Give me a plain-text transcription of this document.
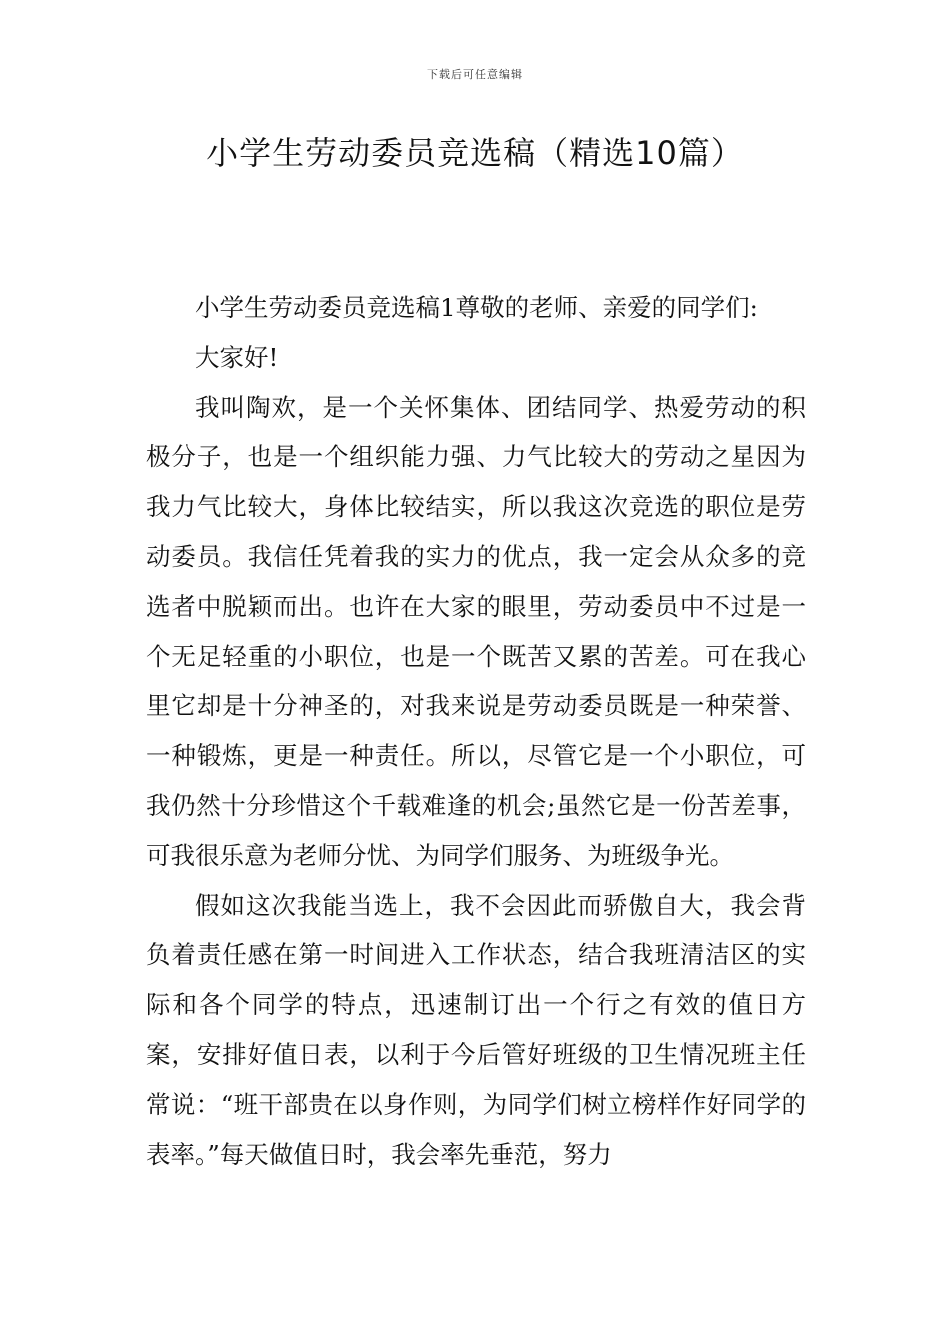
下载后可任意编辑
小学生劳动委员竞选稿（精选10篇）

小学生劳动委员竞选稿1尊敬的老师、亲爱的同学们:

大家好!

我叫陶欢，是一个关怀集体、团结同学、热爱劳动的积极分子，也是一个组织能力强、力气比较大的劳动之星因为我力气比较大，身体比较结实，所以我这次竞选的职位是劳动委员。我信任凭着我的实力的优点，我一定会从众多的竞选者中脱颖而出。也许在大家的眼里，劳动委员中不过是一个无足轻重的小职位，也是一个既苦又累的苦差。可在我心里它却是十分神圣的，对我来说是劳动委员既是一种荣誉、一种锻炼，更是一种责任。所以，尽管它是一个小职位，可我仍然十分珍惜这个千载难逢的机会;虽然它是一份苦差事，可我很乐意为老师分忧、为同学们服务、为班级争光。

假如这次我能当选上，我不会因此而骄傲自大，我会背负着责任感在第一时间进入工作状态，结合我班清洁区的实际和各个同学的特点，迅速制订出一个行之有效的值日方案，安排好值日表，以利于今后管好班级的卫生情况班主任常说：“班干部贵在以身作则，为同学们树立榜样作好同学的表率。”每天做值日时，我会率先垂范，努力
